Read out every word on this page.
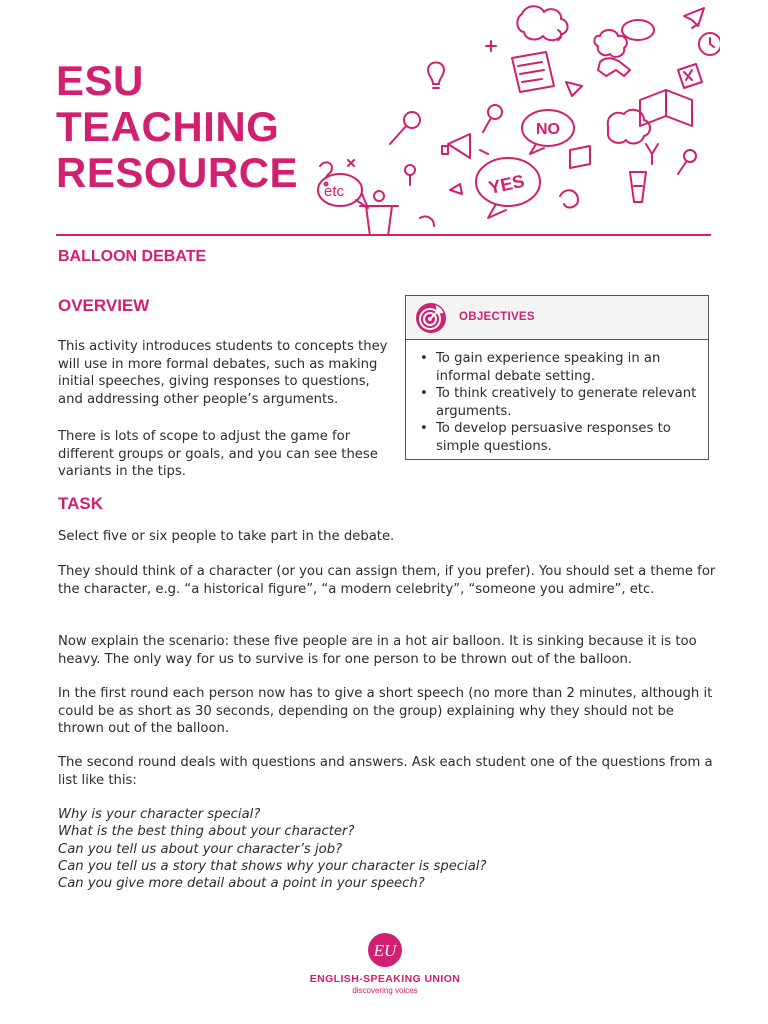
ESU
TEACHING
RESOURCE
NO
YES
etc
BALLOON DEBATE
OVERVIEW

This activity introduces students to concepts they will use in more formal debates, such as making initial speeches, giving responses to questions, and addressing other people’s arguments.

There is lots of scope to adjust the game for different groups or goals, and you can see these variants in the tips.

OBJECTIVES
• To gain experience speaking in an informal debate setting.
• To think creatively to generate relevant arguments.
• To develop persuasive responses to simple questions.
TASK

Select five or six people to take part in the debate.

They should think of a character (or you can assign them, if you prefer). You should set a theme for the character, e.g. “a historical figure”, “a modern celebrity”, “someone you admire”, etc.

Now explain the scenario: these five people are in a hot air balloon. It is sinking because it is too heavy. The only way for us to survive is for one person to be thrown out of the balloon.

In the first round each person now has to give a short speech (no more than 2 minutes, although it could be as short as 30 seconds, depending on the group) explaining why they should not be thrown out of the balloon.

The second round deals with questions and answers. Ask each student one of the questions from a list like this:

Why is your character special?
What is the best thing about your character?
Can you tell us about your character’s job?
Can you tell us a story that shows why your character is special?
Can you give more detail about a point in your speech?
EU
ENGLISH-SPEAKING UNION
discovering voices
